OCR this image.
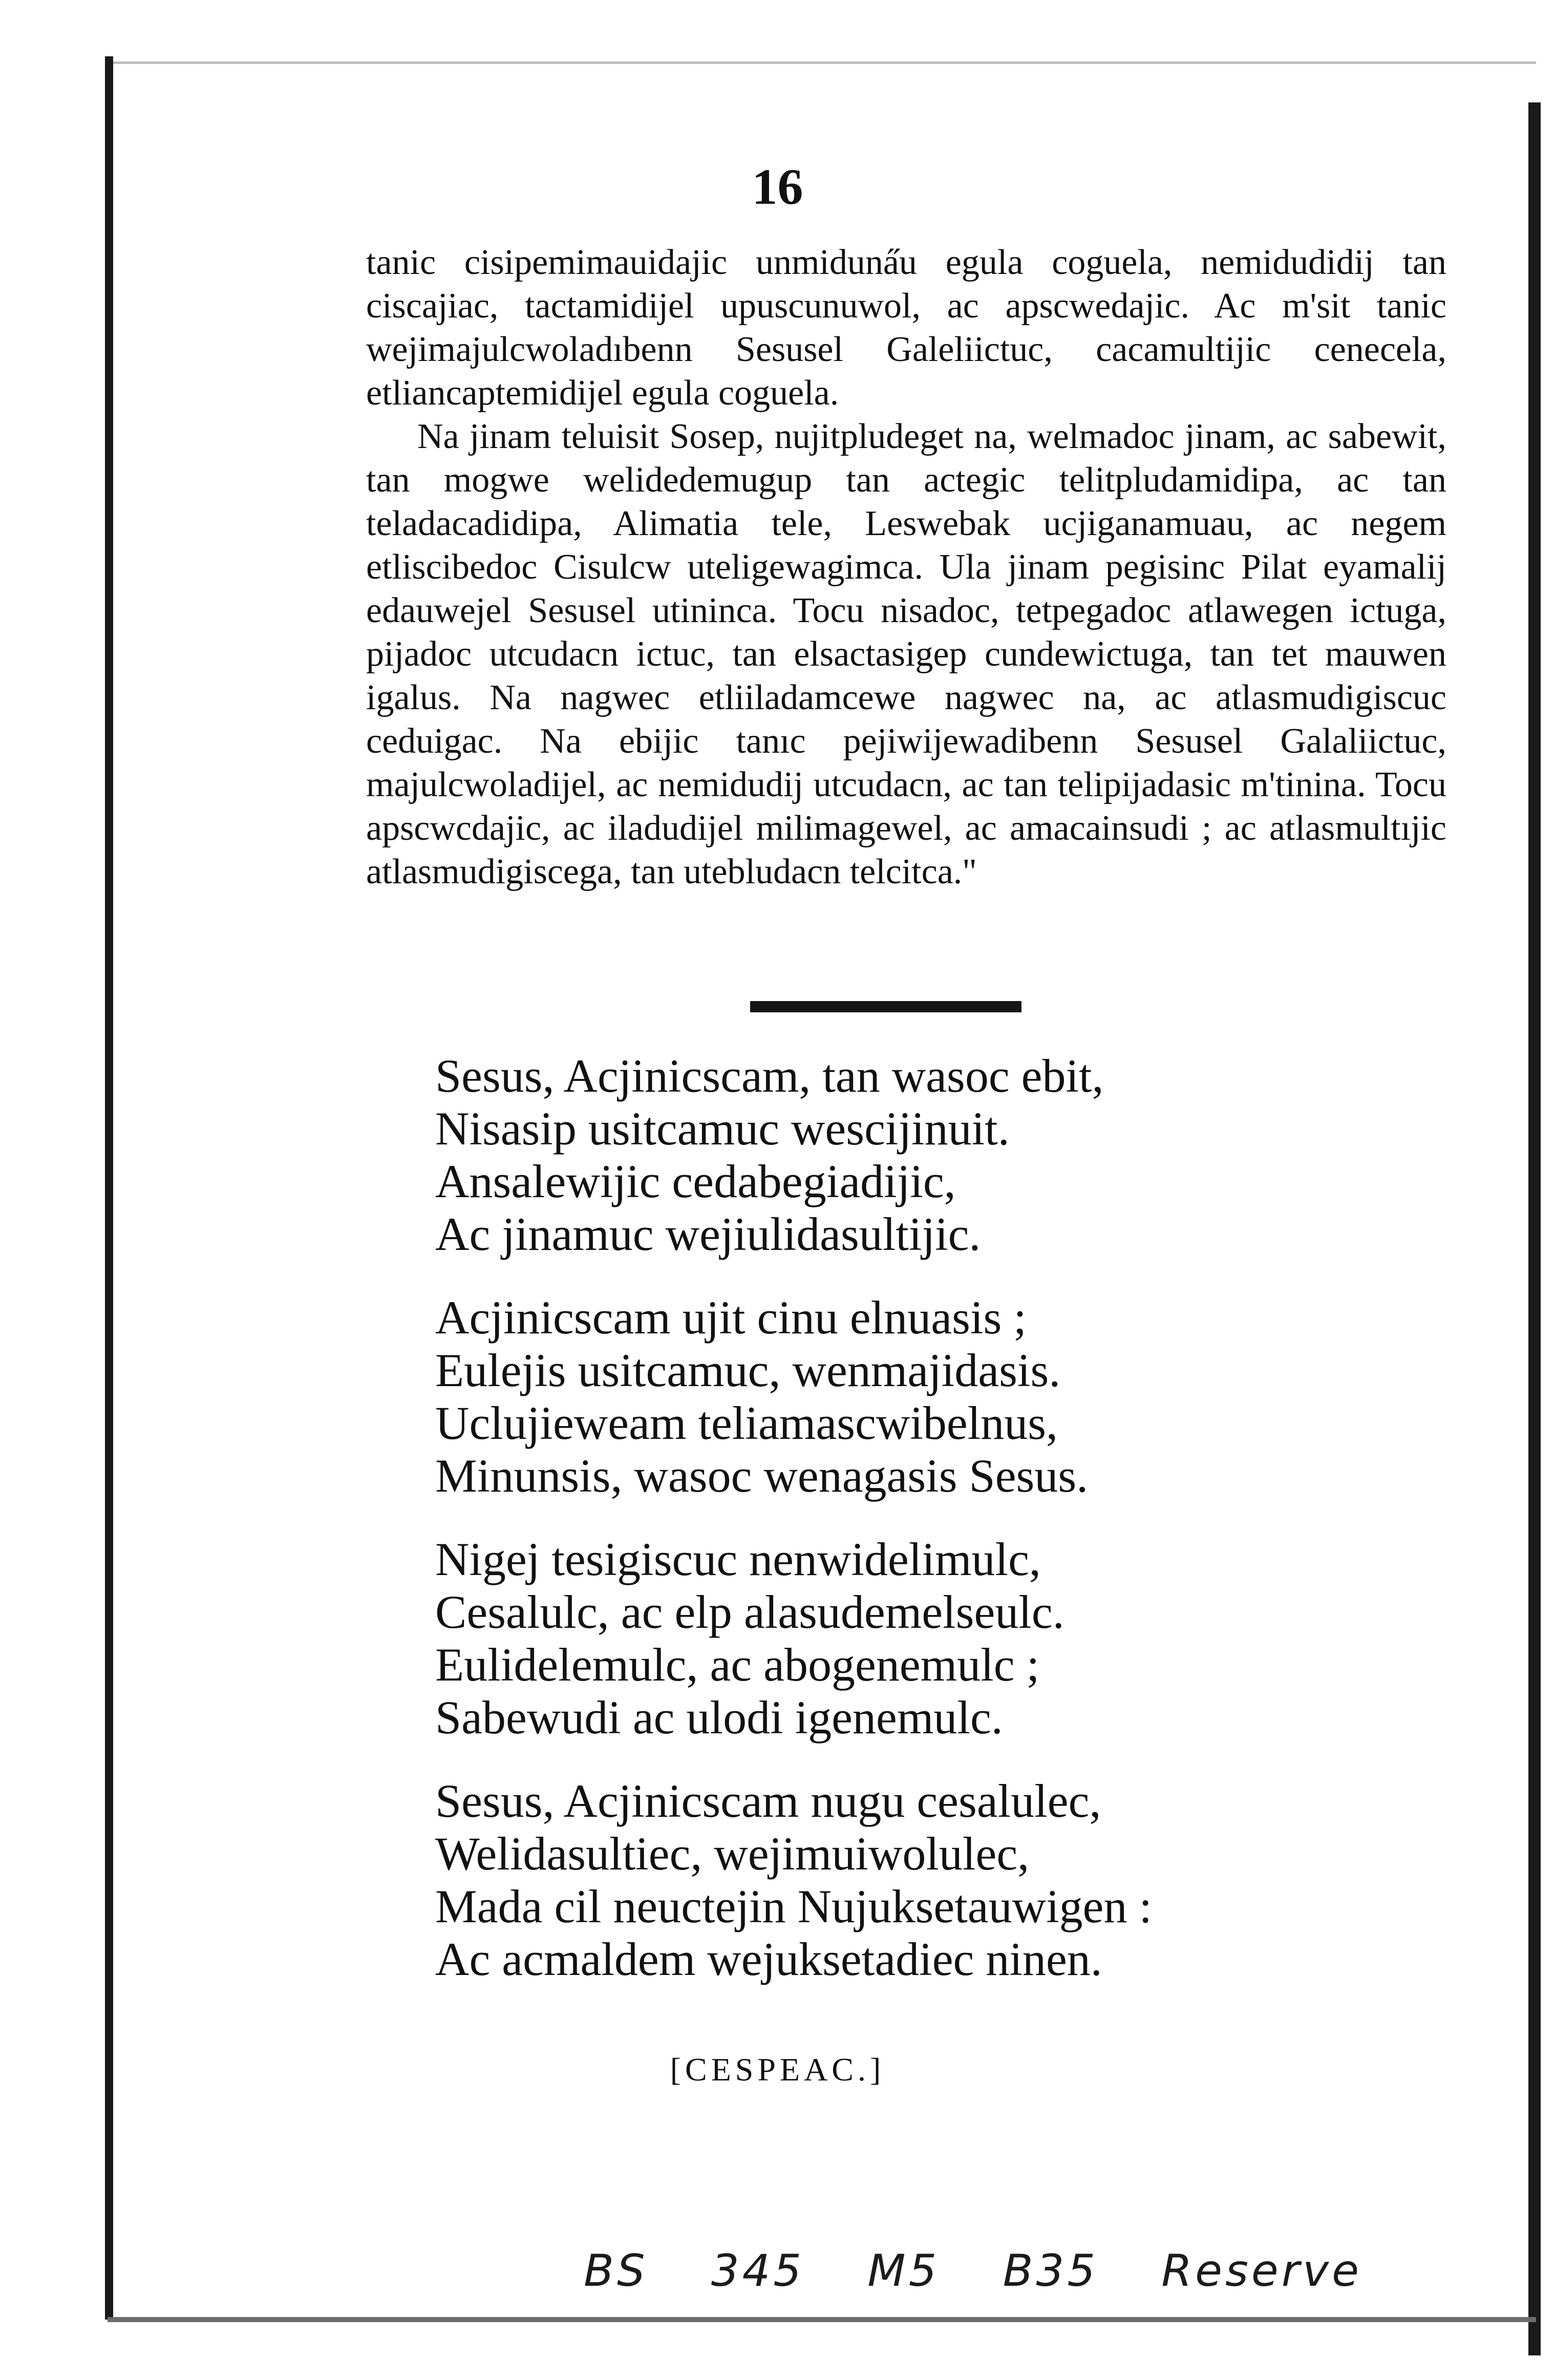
16

tanic cisipemimauidajic unmiduna̋u egula coguela, nemidudidij tan ciscajiac, tactamidijel upuscunuwol, ac apscwedajic. Ac m'sit tanic wejimajulcwoladıbenn Sesusel Galeliictuc, cacamultijic cenecela, etliancaptemidijel egula coguela.

Na jinam teluisit Sosep, nujitpludeget na, welmadoc jinam, ac sabewit, tan mogwe welidedemugup tan actegic telitpludamidipa, ac tan teladacadidipa, Alimatia tele, Leswebak ucjiganamuau, ac negem etliscibedoc Cisulcw uteligewagimca. Ula jinam pegisinc Pilat eyamalij edauwejel Sesusel utininca. Tocu nisadoc, tetpegadoc atlawegen ictuga, pijadoc utcudacn ictuc, tan elsactasigep cundewictuga, tan tet mauwen igalus. Na nagwec etliiladamcewe nagwec na, ac atlasmudigiscuc ceduigac. Na ebijic tanıc pejiwijewadibenn Sesusel Galaliictuc, majulcwoladijel, ac nemidudij utcudacn, ac tan telipijadasic m'tinina. Tocu apscwcdajic, ac iladudijel milimagewel, ac amacainsudi ; ac atlasmultıjic atlasmudigiscega, tan utebludacn telcitca."

Sesus, Acjinicscam, tan wasoc ebit,
Nisasip usitcamuc wescijinuit.
Ansalewijic cedabegiadijic,
Ac jinamuc wejiulidasultijic.
Acjinicscam ujit cinu elnuasis ;
Eulejis usitcamuc, wenmajidasis.
Uclujieweam teliamascwibelnus,
Minunsis, wasoc wenagasis Sesus.
Nigej tesigiscuc nenwidelimulc,
Cesalulc, ac elp alasudemelseulc.
Eulidelemulc, ac abogenemulc ;
Sabewudi ac ulodi igenemulc.
Sesus, Acjinicscam nugu cesalulec,
Welidasultiec, wejimuiwolulec,
Mada cil neuctejin Nujuksetauwigen :
Ac acmaldem wejuksetadiec ninen.
[CESPEAC.]
BS 345 M5 B35 Reserve
